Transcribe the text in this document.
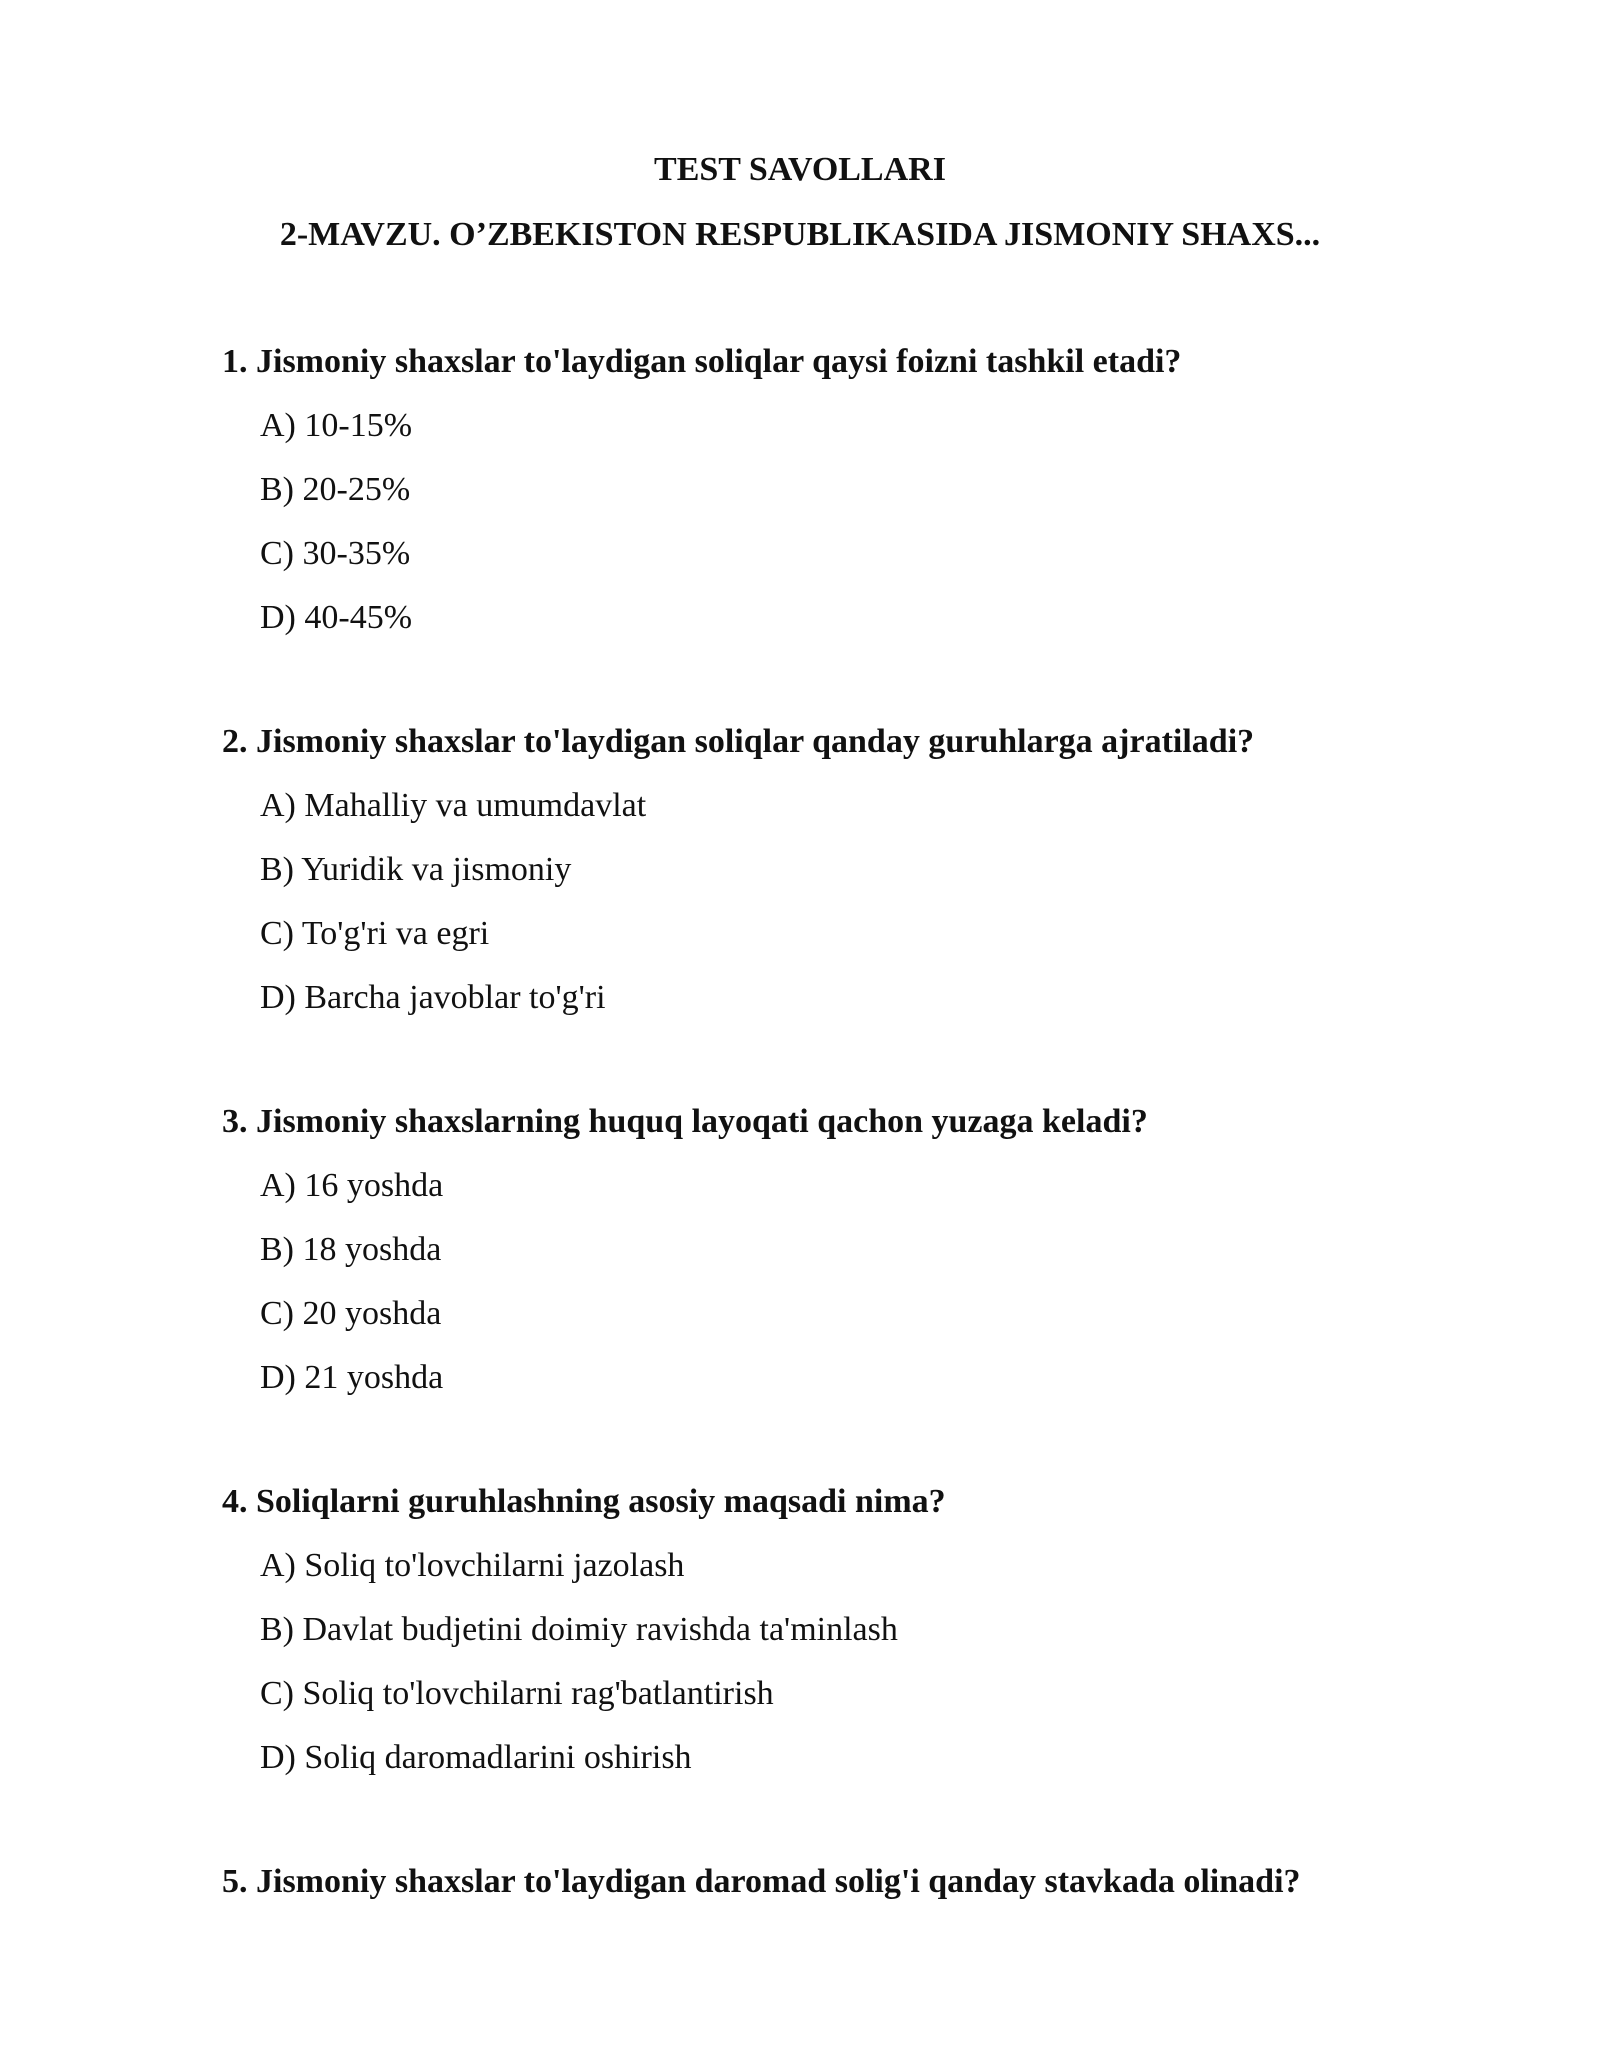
TEST SAVOLLARI
2-MAVZU. O’ZBEKISTON RESPUBLIKASIDA JISMONIY SHAXS...
1. Jismoniy shaxslar to'laydigan soliqlar qaysi foizni tashkil etadi?
A) 10-15%
B) 20-25%
C) 30-35%
D) 40-45%
2. Jismoniy shaxslar to'laydigan soliqlar qanday guruhlarga ajratiladi?
A) Mahalliy va umumdavlat
B) Yuridik va jismoniy
C) To'g'ri va egri
D) Barcha javoblar to'g'ri
3. Jismoniy shaxslarning huquq layoqati qachon yuzaga keladi?
A) 16 yoshda
B) 18 yoshda
C) 20 yoshda
D) 21 yoshda
4. Soliqlarni guruhlashning asosiy maqsadi nima?
A) Soliq to'lovchilarni jazolash
B) Davlat budjetini doimiy ravishda ta'minlash
C) Soliq to'lovchilarni rag'batlantirish
D) Soliq daromadlarini oshirish
5. Jismoniy shaxslar to'laydigan daromad solig'i qanday stavkada olinadi?
